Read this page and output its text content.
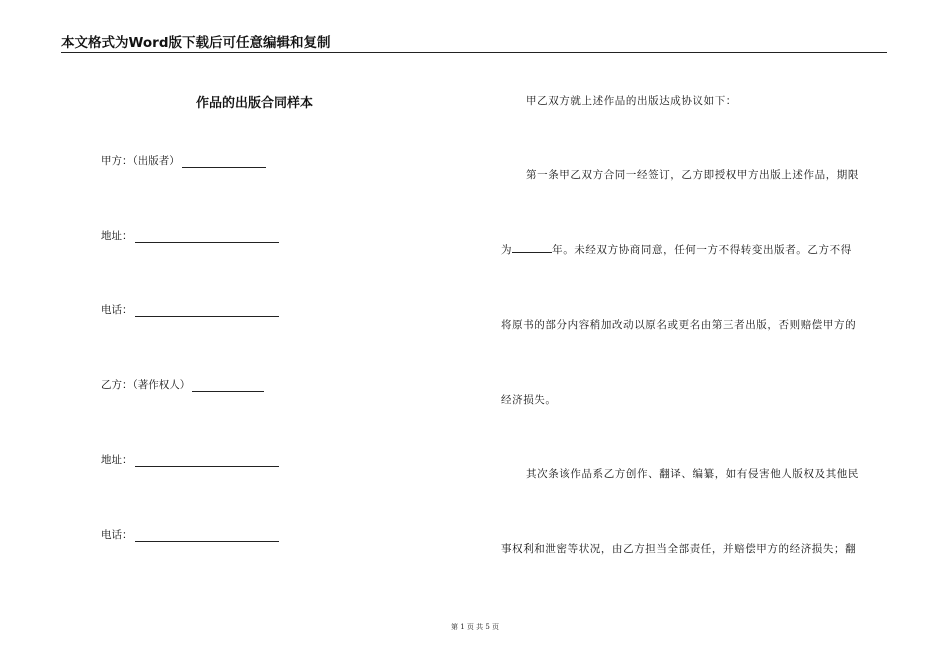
本文格式为Word版下载后可任意编辑和复制
作品的出版合同样本
甲方：（出版者）
地址：
电话：
乙方：（著作权人）
地址：
电话：
甲乙双方就上述作品的出版达成协议如下：
第一条甲乙双方合同一经签订，乙方即授权甲方出版上述作品，期限
为	年。未经双方协商同意，任何一方不得转变出版者。乙方不得
将原书的部分内容稍加改动以原名或更名由第三者出版，否则赔偿甲方的
经济损失。
其次条该作品系乙方创作、翻译、编纂，如有侵害他人版权及其他民
事权利和泄密等状况，由乙方担当全部责任，并赔偿甲方的经济损失；翻
第 1 页 共 5 页
